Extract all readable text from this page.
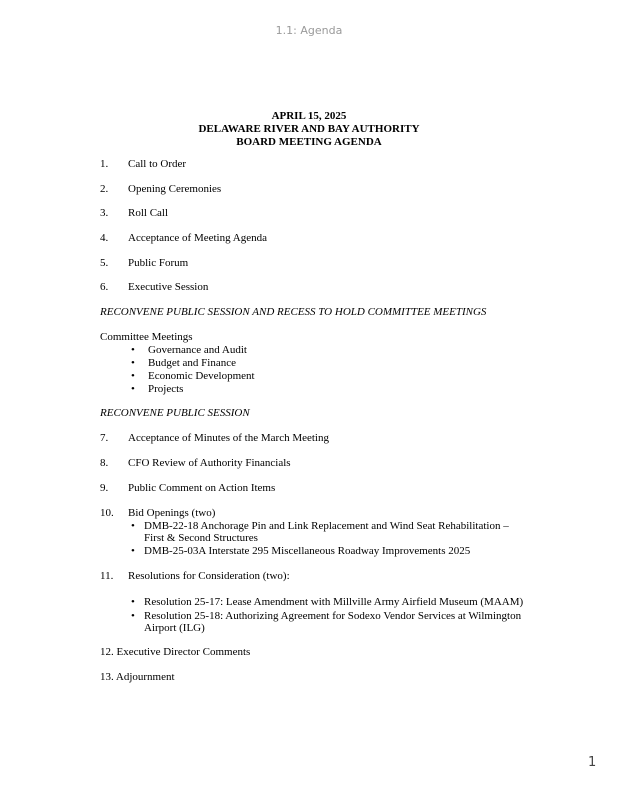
1.1: Agenda
APRIL 15, 2025
DELAWARE RIVER AND BAY AUTHORITY
BOARD MEETING AGENDA
1. Call to Order
2. Opening Ceremonies
3. Roll Call
4. Acceptance of Meeting Agenda
5. Public Forum
6. Executive Session
RECONVENE PUBLIC SESSION AND RECESS TO HOLD COMMITTEE MEETINGS
Committee Meetings
• Governance and Audit
• Budget and Finance
• Economic Development
• Projects
RECONVENE PUBLIC SESSION
7. Acceptance of Minutes of the March Meeting
8. CFO Review of Authority Financials
9. Public Comment on Action Items
10. Bid Openings (two)
• DMB-22-18 Anchorage Pin and Link Replacement and Wind Seat Rehabilitation –
First & Second Structures
• DMB-25-03A Interstate 295 Miscellaneous Roadway Improvements 2025
11. Resolutions for Consideration (two):
• Resolution 25-17: Lease Amendment with Millville Army Airfield Museum (MAAM)
• Resolution 25-18: Authorizing Agreement for Sodexo Vendor Services at Wilmington
Airport (ILG)
12. Executive Director Comments
13. Adjournment
1
